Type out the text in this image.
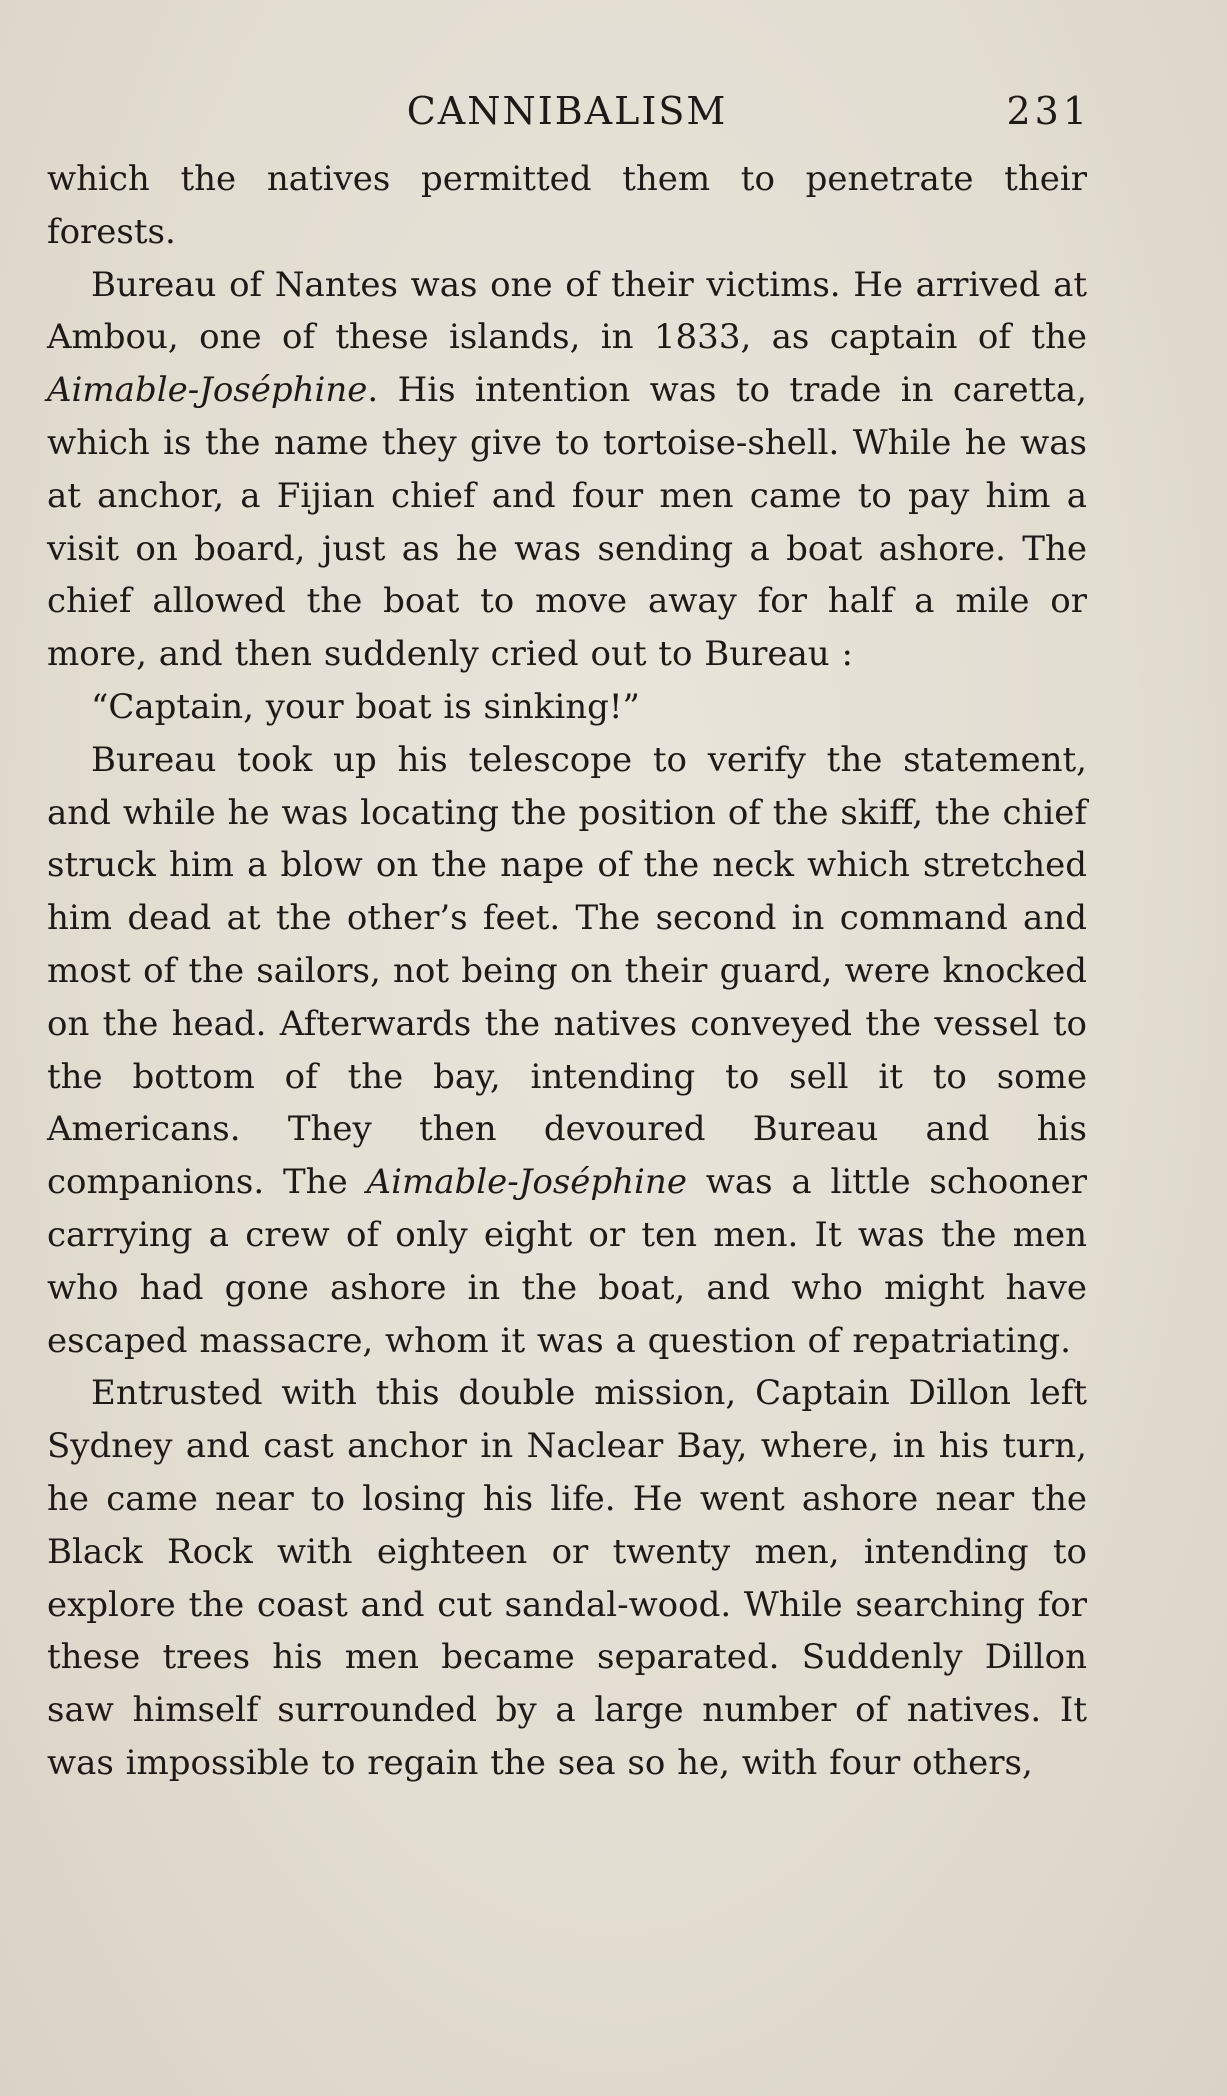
CANNIBALISM	231

which the natives permitted them to penetrate their forests.

Bureau of Nantes was one of their victims. He arrived at Ambou, one of these islands, in 1833, as captain of the Aimable-Joséphine. His intention was to trade in caretta, which is the name they give to tortoise-shell. While he was at anchor, a Fijian chief and four men came to pay him a visit on board, just as he was sending a boat ashore. The chief allowed the boat to move away for half a mile or more, and then suddenly cried out to Bureau :

“Captain, your boat is sinking!”

Bureau took up his telescope to verify the statement, and while he was locating the position of the skiff, the chief struck him a blow on the nape of the neck which stretched him dead at the other’s feet. The second in command and most of the sailors, not being on their guard, were knocked on the head. Afterwards the natives conveyed the vessel to the bottom of the bay, intending to sell it to some Americans. They then devoured Bureau and his companions. The Aimable-Joséphine was a little schooner carrying a crew of only eight or ten men. It was the men who had gone ashore in the boat, and who might have escaped massacre, whom it was a question of repatriating.

Entrusted with this double mission, Captain Dillon left Sydney and cast anchor in Naclear Bay, where, in his turn, he came near to losing his life. He went ashore near the Black Rock with eighteen or twenty men, intending to explore the coast and cut sandal-wood. While searching for these trees his men became separated. Suddenly Dillon saw himself surrounded by a large number of natives. It was impossible to regain the sea so he, with four others,
